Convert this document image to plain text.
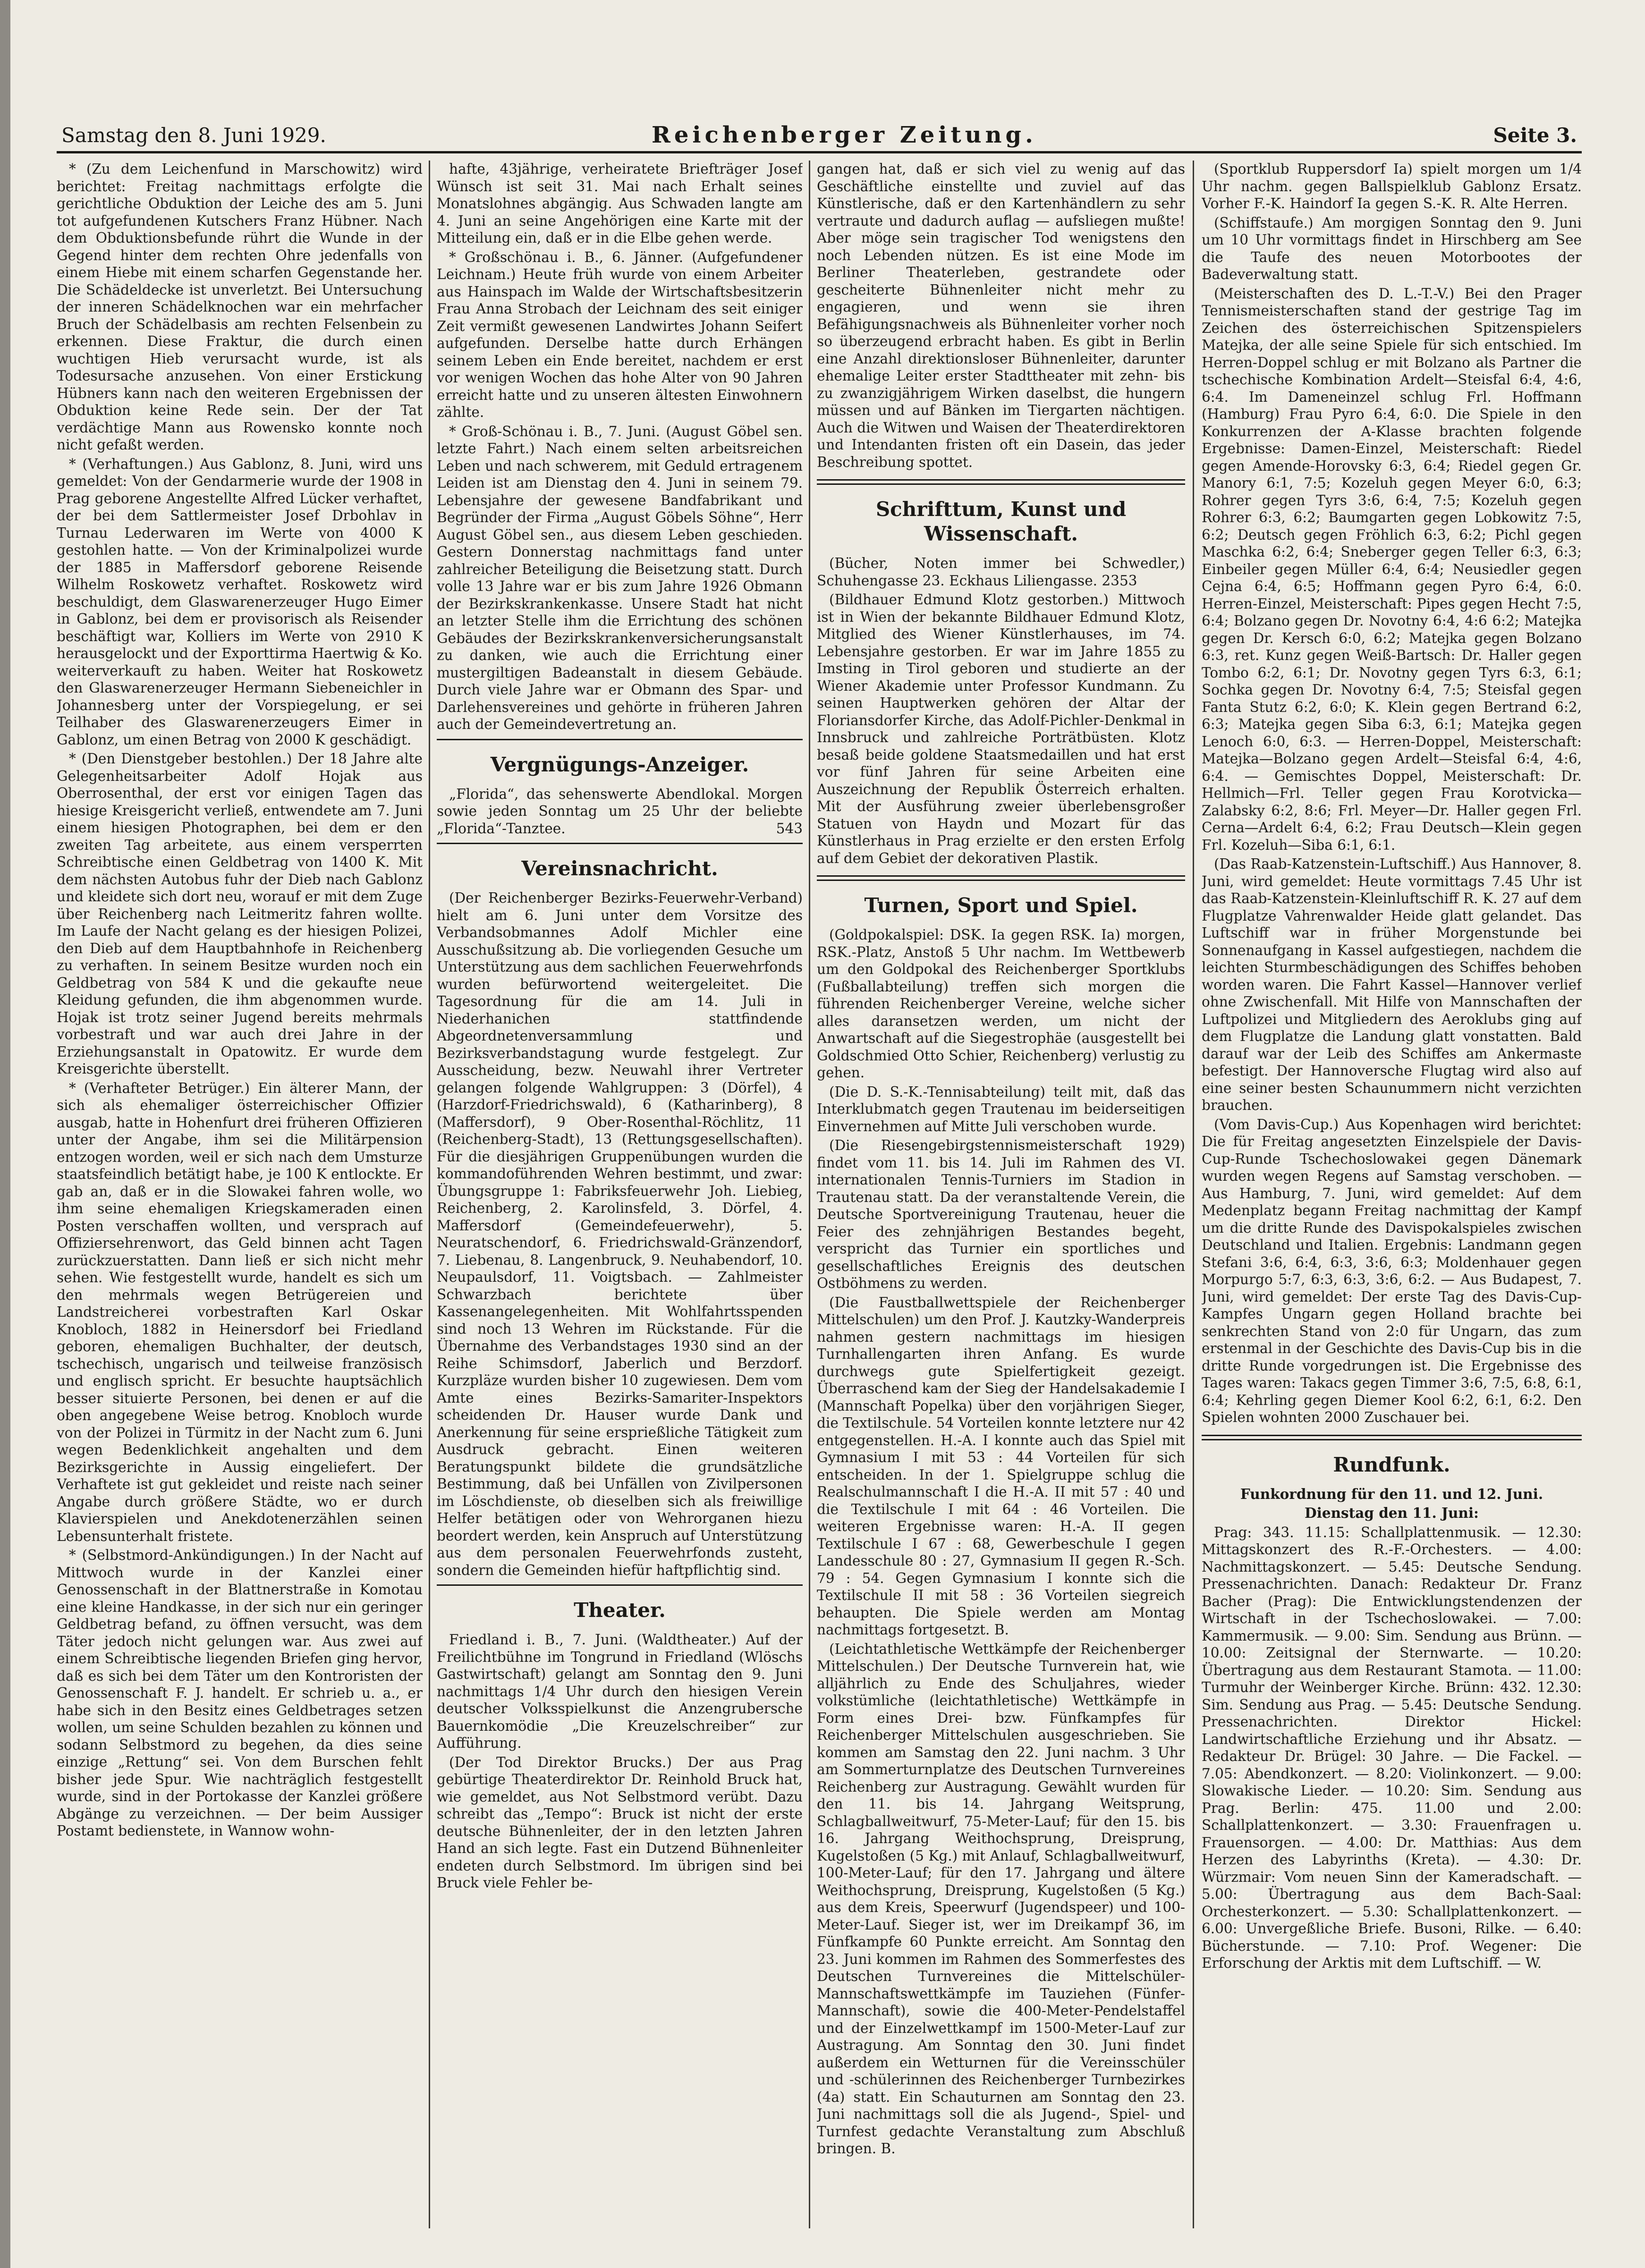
Samstag den 8. Juni 1929.	Reichenberger Zeitung.	Seite 3.

* (Zu dem Leichenfund in Marschowitz) wird berichtet: Freitag nachmittags erfolgte die gerichtliche Obduktion der Leiche des am 5. Juni tot aufgefundenen Kutschers Franz Hübner. Nach dem Obduktionsbefunde rührt die Wunde in der Gegend hinter dem rechten Ohre jedenfalls von einem Hiebe mit einem scharfen Gegenstande her. Die Schädeldecke ist unverletzt. Bei Untersuchung der inneren Schädelknochen war ein mehrfacher Bruch der Schädelbasis am rechten Felsenbein zu erkennen. Diese Fraktur, die durch einen wuchtigen Hieb verursacht wurde, ist als Todesursache anzusehen. Von einer Erstickung Hübners kann nach den weiteren Ergebnissen der Obduktion keine Rede sein. Der der Tat verdächtige Mann aus Rowensko konnte noch nicht gefaßt werden.

* (Verhaftungen.) Aus Gablonz, 8. Juni, wird uns gemeldet: Von der Gendarmerie wurde der 1908 in Prag geborene Angestellte Alfred Lücker verhaftet, der bei dem Sattlermeister Josef Drbohlav in Turnau Lederwaren im Werte von 4000 K gestohlen hatte. — Von der Kriminalpolizei wurde der 1885 in Maffersdorf geborene Reisende Wilhelm Roskowetz verhaftet. Roskowetz wird beschuldigt, dem Glaswarenerzeuger Hugo Eimer in Gablonz, bei dem er provisorisch als Reisender beschäftigt war, Kolliers im Werte von 2910 K herausgelockt und der Exporttirma Haertwig & Ko. weiterverkauft zu haben. Weiter hat Roskowetz den Glaswarenerzeuger Hermann Siebeneichler in Johannesberg unter der Vorspiegelung, er sei Teilhaber des Glaswarenerzeugers Eimer in Gablonz, um einen Betrag von 2000 K geschädigt.

* (Den Dienstgeber bestohlen.) Der 18 Jahre alte Gelegenheitsarbeiter Adolf Hojak aus Oberrosenthal, der erst vor einigen Tagen das hiesige Kreisgericht verließ, entwendete am 7. Juni einem hiesigen Photographen, bei dem er den zweiten Tag arbeitete, aus einem versperrten Schreibtische einen Geldbetrag von 1400 K. Mit dem nächsten Autobus fuhr der Dieb nach Gablonz und kleidete sich dort neu, worauf er mit dem Zuge über Reichenberg nach Leitmeritz fahren wollte. Im Laufe der Nacht gelang es der hiesigen Polizei, den Dieb auf dem Hauptbahnhofe in Reichenberg zu verhaften. In seinem Besitze wurden noch ein Geldbetrag von 584 K und die gekaufte neue Kleidung gefunden, die ihm abgenommen wurde. Hojak ist trotz seiner Jugend bereits mehrmals vorbestraft und war auch drei Jahre in der Erziehungsanstalt in Opatowitz. Er wurde dem Kreisgerichte überstellt.

* (Verhafteter Betrüger.) Ein älterer Mann, der sich als ehemaliger österreichischer Offizier ausgab, hatte in Hohenfurt drei früheren Offizieren unter der Angabe, ihm sei die Militärpension entzogen worden, weil er sich nach dem Umsturze staatsfeindlich betätigt habe, je 100 K entlockte. Er gab an, daß er in die Slowakei fahren wolle, wo ihm seine ehemaligen Kriegskameraden einen Posten verschaffen wollten, und versprach auf Offiziersehrenwort, das Geld binnen acht Tagen zurückzuerstatten. Dann ließ er sich nicht mehr sehen. Wie festgestellt wurde, handelt es sich um den mehrmals wegen Betrügereien und Landstreicherei vorbestraften Karl Oskar Knobloch, 1882 in Heinersdorf bei Friedland geboren, ehemaligen Buchhalter, der deutsch, tschechisch, ungarisch und teilweise französisch und englisch spricht. Er besuchte hauptsächlich besser situierte Personen, bei denen er auf die oben angegebene Weise betrog. Knobloch wurde von der Polizei in Türmitz in der Nacht zum 6. Juni wegen Bedenklichkeit angehalten und dem Bezirksgerichte in Aussig eingeliefert. Der Verhaftete ist gut gekleidet und reiste nach seiner Angabe durch größere Städte, wo er durch Klavierspielen und Anekdotenerzählen seinen Lebensunterhalt fristete.

* (Selbstmord-Ankündigungen.) In der Nacht auf Mittwoch wurde in der Kanzlei einer Genossenschaft in der Blattnerstraße in Komotau eine kleine Handkasse, in der sich nur ein geringer Geldbetrag befand, zu öffnen versucht, was dem Täter jedoch nicht gelungen war. Aus zwei auf einem Schreibtische liegenden Briefen ging hervor, daß es sich bei dem Täter um den Kontroristen der Genossenschaft F. J. handelt. Er schrieb u. a., er habe sich in den Besitz eines Geldbetrages setzen wollen, um seine Schulden bezahlen zu können und sodann Selbstmord zu begehen, da dies seine einzige „Rettung“ sei. Von dem Burschen fehlt bisher jede Spur. Wie nachträglich festgestellt wurde, sind in der Portokasse der Kanzlei größere Abgänge zu verzeichnen. — Der beim Aussiger Postamt bedienstete, in Wannow wohn-

hafte, 43jährige, verheiratete Briefträger Josef Wünsch ist seit 31. Mai nach Erhalt seines Monatslohnes abgängig. Aus Schwaden langte am 4. Juni an seine Angehörigen eine Karte mit der Mitteilung ein, daß er in die Elbe gehen werde.

* Großschönau i. B., 6. Jänner. (Aufgefundener Leichnam.) Heute früh wurde von einem Arbeiter aus Hainspach im Walde der Wirtschaftsbesitzerin Frau Anna Strobach der Leichnam des seit einiger Zeit vermißt gewesenen Landwirtes Johann Seifert aufgefunden. Derselbe hatte durch Erhängen seinem Leben ein Ende bereitet, nachdem er erst vor wenigen Wochen das hohe Alter von 90 Jahren erreicht hatte und zu unseren ältesten Einwohnern zählte.

* Groß-Schönau i. B., 7. Juni. (August Göbel sen. letzte Fahrt.) Nach einem selten arbeitsreichen Leben und nach schwerem, mit Geduld ertragenem Leiden ist am Dienstag den 4. Juni in seinem 79. Lebensjahre der gewesene Bandfabrikant und Begründer der Firma „August Göbels Söhne“, Herr August Göbel sen., aus diesem Leben geschieden. Gestern Donnerstag nachmittags fand unter zahlreicher Beteiligung die Beisetzung statt. Durch volle 13 Jahre war er bis zum Jahre 1926 Obmann der Bezirkskrankenkasse. Unsere Stadt hat nicht an letzter Stelle ihm die Errichtung des schönen Gebäudes der Bezirkskrankenversicherungsanstalt zu danken, wie auch die Errichtung einer mustergiltigen Badeanstalt in diesem Gebäude. Durch viele Jahre war er Obmann des Spar- und Darlehensvereines und gehörte in früheren Jahren auch der Gemeindevertretung an.

Vergnügungs-Anzeiger.

„Florida“, das sehenswerte Abendlokal. Morgen sowie jeden Sonntag um 25 Uhr der beliebte „Florida“-Tanztee.	543

Vereinsnachricht.

(Der Reichenberger Bezirks-Feuerwehr-Verband) hielt am 6. Juni unter dem Vorsitze des Verbandsobmannes Adolf Michler eine Ausschußsitzung ab. Die vorliegenden Gesuche um Unterstützung aus dem sachlichen Feuerwehrfonds wurden befürwortend weitergeleitet. Die Tagesordnung für die am 14. Juli in Niederhanichen stattfindende Abgeordnetenversammlung und Bezirksverbandstagung wurde festgelegt. Zur Ausscheidung, bezw. Neuwahl ihrer Vertreter gelangen folgende Wahlgruppen: 3 (Dörfel), 4 (Harzdorf-Friedrichswald), 6 (Katharinberg), 8 (Maffersdorf), 9 Ober-Rosenthal-Röchlitz, 11 (Reichenberg-Stadt), 13 (Rettungsgesellschaften). Für die diesjährigen Gruppenübungen wurden die kommandoführenden Wehren bestimmt, und zwar: Übungsgruppe 1: Fabriksfeuerwehr Joh. Liebieg, Reichenberg, 2. Karolinsfeld, 3. Dörfel, 4. Maffersdorf (Gemeindefeuerwehr), 5. Neuratschendorf, 6. Friedrichswald-Gränzendorf, 7. Liebenau, 8. Langenbruck, 9. Neuhabendorf, 10. Neupaulsdorf, 11. Voigtsbach. — Zahlmeister Schwarzbach berichtete über Kassenangelegenheiten. Mit Wohlfahrtsspenden sind noch 13 Wehren im Rückstande. Für die Übernahme des Verbandstages 1930 sind an der Reihe Schimsdorf, Jaberlich und Berzdorf. Kurzpläze wurden bisher 10 zugewiesen. Dem vom Amte eines Bezirks-Samariter-Inspektors scheidenden Dr. Hauser wurde Dank und Anerkennung für seine ersprießliche Tätigkeit zum Ausdruck gebracht. Einen weiteren Beratungspunkt bildete die grundsätzliche Bestimmung, daß bei Unfällen von Zivilpersonen im Löschdienste, ob dieselben sich als freiwillige Helfer betätigen oder von Wehrorganen hiezu beordert werden, kein Anspruch auf Unterstützung aus dem personalen Feuerwehrfonds zusteht, sondern die Gemeinden hiefür haftpflichtig sind.

Theater.

Friedland i. B., 7. Juni. (Waldtheater.) Auf der Freilichtbühne im Tongrund in Friedland (Wlöschs Gastwirtschaft) gelangt am Sonntag den 9. Juni nachmittags 1/4 Uhr durch den hiesigen Verein deutscher Volksspielkunst die Anzengrubersche Bauernkomödie „Die Kreuzelschreiber“ zur Aufführung.

(Der Tod Direktor Brucks.) Der aus Prag gebürtige Theaterdirektor Dr. Reinhold Bruck hat, wie gemeldet, aus Not Selbstmord verübt. Dazu schreibt das „Tempo“: Bruck ist nicht der erste deutsche Bühnenleiter, der in den letzten Jahren Hand an sich legte. Fast ein Dutzend Bühnenleiter endeten durch Selbstmord. Im übrigen sind bei Bruck viele Fehler be-

gangen hat, daß er sich viel zu wenig auf das Geschäftliche einstellte und zuviel auf das Künstlerische, daß er den Kartenhändlern zu sehr vertraute und dadurch auflag — aufsliegen mußte! Aber möge sein tragischer Tod wenigstens den noch Lebenden nützen. Es ist eine Mode im Berliner Theaterleben, gestrandete oder gescheiterte Bühnenleiter nicht mehr zu engagieren, und wenn sie ihren Befähigungsnachweis als Bühnenleiter vorher noch so überzeugend erbracht haben. Es gibt in Berlin eine Anzahl direktionsloser Bühnenleiter, darunter ehemalige Leiter erster Stadttheater mit zehn- bis zu zwanzigjährigem Wirken daselbst, die hungern müssen und auf Bänken im Tiergarten nächtigen. Auch die Witwen und Waisen der Theaterdirektoren und Intendanten fristen oft ein Dasein, das jeder Beschreibung spottet.

Schrifttum, Kunst und Wissenschaft.

(Bücher, Noten immer bei Schwedler,) Schuhengasse 23. Eckhaus Liliengasse. 2353

(Bildhauer Edmund Klotz gestorben.) Mittwoch ist in Wien der bekannte Bildhauer Edmund Klotz, Mitglied des Wiener Künstlerhauses, im 74. Lebensjahre gestorben. Er war im Jahre 1855 zu Imsting in Tirol geboren und studierte an der Wiener Akademie unter Professor Kundmann. Zu seinen Hauptwerken gehören der Altar der Floriansdorfer Kirche, das Adolf-Pichler-Denkmal in Innsbruck und zahlreiche Porträtbüsten. Klotz besaß beide goldene Staatsmedaillen und hat erst vor fünf Jahren für seine Arbeiten eine Auszeichnung der Republik Österreich erhalten. Mit der Ausführung zweier überlebensgroßer Statuen von Haydn und Mozart für das Künstlerhaus in Prag erzielte er den ersten Erfolg auf dem Gebiet der dekorativen Plastik.

Turnen, Sport und Spiel.

(Goldpokalspiel: DSK. Ia gegen RSK. Ia) morgen, RSK.-Platz, Anstoß 5 Uhr nachm. Im Wettbewerb um den Goldpokal des Reichenberger Sportklubs (Fußballabteilung) treffen sich morgen die führenden Reichenberger Vereine, welche sicher alles daransetzen werden, um nicht der Anwartschaft auf die Siegestrophäe (ausgestellt bei Goldschmied Otto Schier, Reichenberg) verlustig zu gehen.

(Die D. S.-K.-Tennisabteilung) teilt mit, daß das Interklubmatch gegen Trautenau im beiderseitigen Einvernehmen auf Mitte Juli verschoben wurde.

(Die Riesengebirgstennismeisterschaft 1929) findet vom 11. bis 14. Juli im Rahmen des VI. internationalen Tennis-Turniers im Stadion in Trautenau statt. Da der veranstaltende Verein, die Deutsche Sportvereinigung Trautenau, heuer die Feier des zehnjährigen Bestandes begeht, verspricht das Turnier ein sportliches und gesellschaftliches Ereignis des deutschen Ostböhmens zu werden.

(Die Faustballwettspiele der Reichenberger Mittelschulen) um den Prof. J. Kautzky-Wanderpreis nahmen gestern nachmittags im hiesigen Turnhallengarten ihren Anfang. Es wurde durchwegs gute Spielfertigkeit gezeigt. Überraschend kam der Sieg der Handelsakademie I (Mannschaft Popelka) über den vorjährigen Sieger, die Textilschule. 54 Vorteilen konnte letztere nur 42 entgegenstellen. H.-A. I konnte auch das Spiel mit Gymnasium I mit 53 : 44 Vorteilen für sich entscheiden. In der 1. Spielgruppe schlug die Realschulmannschaft I die H.-A. II mit 57 : 40 und die Textilschule I mit 64 : 46 Vorteilen. Die weiteren Ergebnisse waren: H.-A. II gegen Textilschule I 67 : 68, Gewerbeschule I gegen Landesschule 80 : 27, Gymnasium II gegen R.-Sch. 79 : 54. Gegen Gymnasium I konnte sich die Textilschule II mit 58 : 36 Vorteilen siegreich behaupten. Die Spiele werden am Montag nachmittags fortgesetzt. B.

(Leichtathletische Wettkämpfe der Reichenberger Mittelschulen.) Der Deutsche Turnverein hat, wie alljährlich zu Ende des Schuljahres, wieder volkstümliche (leichtathletische) Wettkämpfe in Form eines Drei- bzw. Fünfkampfes für Reichenberger Mittelschulen ausgeschrieben. Sie kommen am Samstag den 22. Juni nachm. 3 Uhr am Sommerturnplatze des Deutschen Turnvereines Reichenberg zur Austragung. Gewählt wurden für den 11. bis 14. Jahrgang Weitsprung, Schlagballweitwurf, 75-Meter-Lauf; für den 15. bis 16. Jahrgang Weithochsprung, Dreisprung, Kugelstoßen (5 Kg.) mit Anlauf, Schlagballweitwurf, 100-Meter-Lauf; für den 17. Jahrgang und ältere Weithochsprung, Dreisprung, Kugelstoßen (5 Kg.) aus dem Kreis, Speerwurf (Jugendspeer) und 100-Meter-Lauf. Sieger ist, wer im Dreikampf 36, im Fünfkampfe 60 Punkte erreicht. Am Sonntag den 23. Juni kommen im Rahmen des Sommerfestes des Deutschen Turnvereines die Mittelschüler-Mannschaftswettkämpfe im Tauziehen (Fünfer-Mannschaft), sowie die 400-Meter-Pendelstaffel und der Einzelwettkampf im 1500-Meter-Lauf zur Austragung. Am Sonntag den 30. Juni findet außerdem ein Wetturnen für die Vereinsschüler und -schülerinnen des Reichenberger Turnbezirkes (4a) statt. Ein Schauturnen am Sonntag den 23. Juni nachmittags soll die als Jugend-, Spiel- und Turnfest gedachte Veranstaltung zum Abschluß bringen. B.

(Sportklub Ruppersdorf Ia) spielt morgen um 1/4 Uhr nachm. gegen Ballspielklub Gablonz Ersatz. Vorher F.-K. Haindorf Ia gegen S.-K. R. Alte Herren.

(Schiffstaufe.) Am morgigen Sonntag den 9. Juni um 10 Uhr vormittags findet in Hirschberg am See die Taufe des neuen Motorbootes der Badeverwaltung statt.

(Meisterschaften des D. L.-T.-V.) Bei den Prager Tennismeisterschaften stand der gestrige Tag im Zeichen des österreichischen Spitzenspielers Matejka, der alle seine Spiele für sich entschied. Im Herren-Doppel schlug er mit Bolzano als Partner die tschechische Kombination Ardelt—Steisfal 6:4, 4:6, 6:4. Im Dameneinzel schlug Frl. Hoffmann (Hamburg) Frau Pyro 6:4, 6:0. Die Spiele in den Konkurrenzen der A-Klasse brachten folgende Ergebnisse: Damen-Einzel, Meisterschaft: Riedel gegen Amende-Horovsky 6:3, 6:4; Riedel gegen Gr. Manory 6:1, 7:5; Kozeluh gegen Meyer 6:0, 6:3; Rohrer gegen Tyrs 3:6, 6:4, 7:5; Kozeluh gegen Rohrer 6:3, 6:2; Baumgarten gegen Lobkowitz 7:5, 6:2; Deutsch gegen Fröhlich 6:3, 6:2; Pichl gegen Maschka 6:2, 6:4; Sneberger gegen Teller 6:3, 6:3; Einbeiler gegen Müller 6:4, 6:4; Neusiedler gegen Cejna 6:4, 6:5; Hoffmann gegen Pyro 6:4, 6:0. Herren-Einzel, Meisterschaft: Pipes gegen Hecht 7:5, 6:4; Bolzano gegen Dr. Novotny 6:4, 4:6 6:2; Matejka gegen Dr. Kersch 6:0, 6:2; Matejka gegen Bolzano 6:3, ret. Kunz gegen Weiß-Bartsch: Dr. Haller gegen Tombo 6:2, 6:1; Dr. Novotny gegen Tyrs 6:3, 6:1; Sochka gegen Dr. Novotny 6:4, 7:5; Steisfal gegen Fanta Stutz 6:2, 6:0; K. Klein gegen Bertrand 6:2, 6:3; Matejka gegen Siba 6:3, 6:1; Matejka gegen Lenoch 6:0, 6:3. — Herren-Doppel, Meisterschaft: Matejka—Bolzano gegen Ardelt—Steisfal 6:4, 4:6, 6:4. — Gemischtes Doppel, Meisterschaft: Dr. Hellmich—Frl. Teller gegen Frau Korotvicka—Zalabsky 6:2, 8:6; Frl. Meyer—Dr. Haller gegen Frl. Cerna—Ardelt 6:4, 6:2; Frau Deutsch—Klein gegen Frl. Kozeluh—Siba 6:1, 6:1.

(Das Raab-Katzenstein-Luftschiff.) Aus Hannover, 8. Juni, wird gemeldet: Heute vormittags 7.45 Uhr ist das Raab-Katzenstein-Kleinluftschiff R. K. 27 auf dem Flugplatze Vahrenwalder Heide glatt gelandet. Das Luftschiff war in früher Morgenstunde bei Sonnenaufgang in Kassel aufgestiegen, nachdem die leichten Sturmbeschädigungen des Schiffes behoben worden waren. Die Fahrt Kassel—Hannover verlief ohne Zwischenfall. Mit Hilfe von Mannschaften der Luftpolizei und Mitgliedern des Aeroklubs ging auf dem Flugplatze die Landung glatt vonstatten. Bald darauf war der Leib des Schiffes am Ankermaste befestigt. Der Hannoversche Flugtag wird also auf eine seiner besten Schaunummern nicht verzichten brauchen.

(Vom Davis-Cup.) Aus Kopenhagen wird berichtet: Die für Freitag angesetzten Einzelspiele der Davis-Cup-Runde Tschechoslowakei gegen Dänemark wurden wegen Regens auf Samstag verschoben. — Aus Hamburg, 7. Juni, wird gemeldet: Auf dem Medenplatz begann Freitag nachmittag der Kampf um die dritte Runde des Davispokalspieles zwischen Deutschland und Italien. Ergebnis: Landmann gegen Stefani 3:6, 6:4, 6:3, 3:6, 6:3; Moldenhauer gegen Morpurgo 5:7, 6:3, 6:3, 3:6, 6:2. — Aus Budapest, 7. Juni, wird gemeldet: Der erste Tag des Davis-Cup-Kampfes Ungarn gegen Holland brachte bei senkrechten Stand von 2:0 für Ungarn, das zum erstenmal in der Geschichte des Davis-Cup bis in die dritte Runde vorgedrungen ist. Die Ergebnisse des Tages waren: Takacs gegen Timmer 3:6, 7:5, 6:8, 6:1, 6:4; Kehrling gegen Diemer Kool 6:2, 6:1, 6:2. Den Spielen wohnten 2000 Zuschauer bei.

Rundfunk.

Funkordnung für den 11. und 12. Juni.

Dienstag den 11. Juni:

Prag: 343. 11.15: Schallplattenmusik. — 12.30: Mittagskonzert des R.-F.-Orchesters. — 4.00: Nachmittagskonzert. — 5.45: Deutsche Sendung. Pressenachrichten. Danach: Redakteur Dr. Franz Bacher (Prag): Die Entwicklungstendenzen der Wirtschaft in der Tschechoslowakei. — 7.00: Kammermusik. — 9.00: Sim. Sendung aus Brünn. — 10.00: Zeitsignal der Sternwarte. — 10.20: Übertragung aus dem Restaurant Stamota. — 11.00: Turmuhr der Weinberger Kirche. Brünn: 432. 12.30: Sim. Sendung aus Prag. — 5.45: Deutsche Sendung. Pressenachrichten. Direktor Hickel: Landwirtschaftliche Erziehung und ihr Absatz. — Redakteur Dr. Brügel: 30 Jahre. — Die Fackel. — 7.05: Abendkonzert. — 8.20: Violinkonzert. — 9.00: Slowakische Lieder. — 10.20: Sim. Sendung aus Prag. Berlin: 475. 11.00 und 2.00: Schallplattenkonzert. — 3.30: Frauenfragen u. Frauensorgen. — 4.00: Dr. Matthias: Aus dem Herzen des Labyrinths (Kreta). — 4.30: Dr. Würzmair: Vom neuen Sinn der Kameradschaft. — 5.00: Übertragung aus dem Bach-Saal: Orchesterkonzert. — 5.30: Schallplattenkonzert. — 6.00: Unvergeßliche Briefe. Busoni, Rilke. — 6.40: Bücherstunde. — 7.10: Prof. Wegener: Die Erforschung der Arktis mit dem Luftschiff. — W.
